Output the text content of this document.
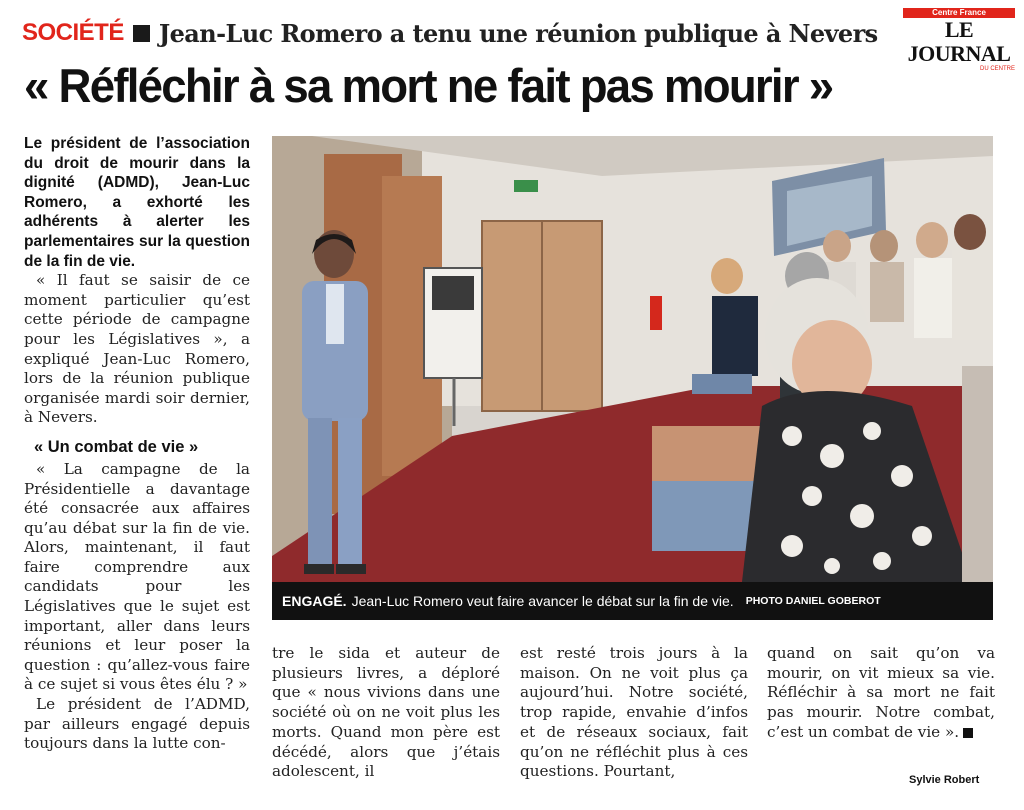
SOCIÉTÉ Jean-Luc Romero a tenu une réunion publique à Nevers
Centre France
LE JOURNAL
DU CENTRE
« Réfléchir à sa mort ne fait pas mourir »

Le président de l’association du droit de mourir dans la dignité (ADMD), Jean-Luc Romero, a exhorté les adhérents à alerter les parlementaires sur la question de la fin de vie.

« Il faut se saisir de ce moment particulier qu’est cette période de campagne pour les Législatives », a expliqué Jean-Luc Romero, lors de la réunion publique organisée mardi soir dernier, à Nevers.

« Un combat de vie »

« La campagne de la Présidentielle a davantage été consacrée aux affaires qu’au débat sur la fin de vie. Alors, maintenant, il faut faire comprendre aux candidats pour les Législatives que le sujet est important, aller dans leurs réunions et leur poser la question : qu’allez-vous faire à ce sujet si vous êtes élu ? »

Le président de l’ADMD, par ailleurs engagé depuis toujours dans la lutte con-

ENGAGÉ. Jean-Luc Romero veut faire avancer le débat sur la fin de vie. PHOTO DANIEL GOBEROT

tre le sida et auteur de plusieurs livres, a déploré que « nous vivions dans une société où on ne voit plus les morts. Quand mon père est décédé, alors que j’étais adolescent, il

est resté trois jours à la maison. On ne voit plus ça aujourd’hui. Notre société, trop rapide, envahie d’infos et de réseaux sociaux, fait qu’on ne réfléchit plus à ces questions. Pourtant,

quand on sait qu’on va mourir, on vit mieux sa vie. Réfléchir à sa mort ne fait pas mourir. Notre combat, c’est un combat de vie ».

Sylvie Robert
